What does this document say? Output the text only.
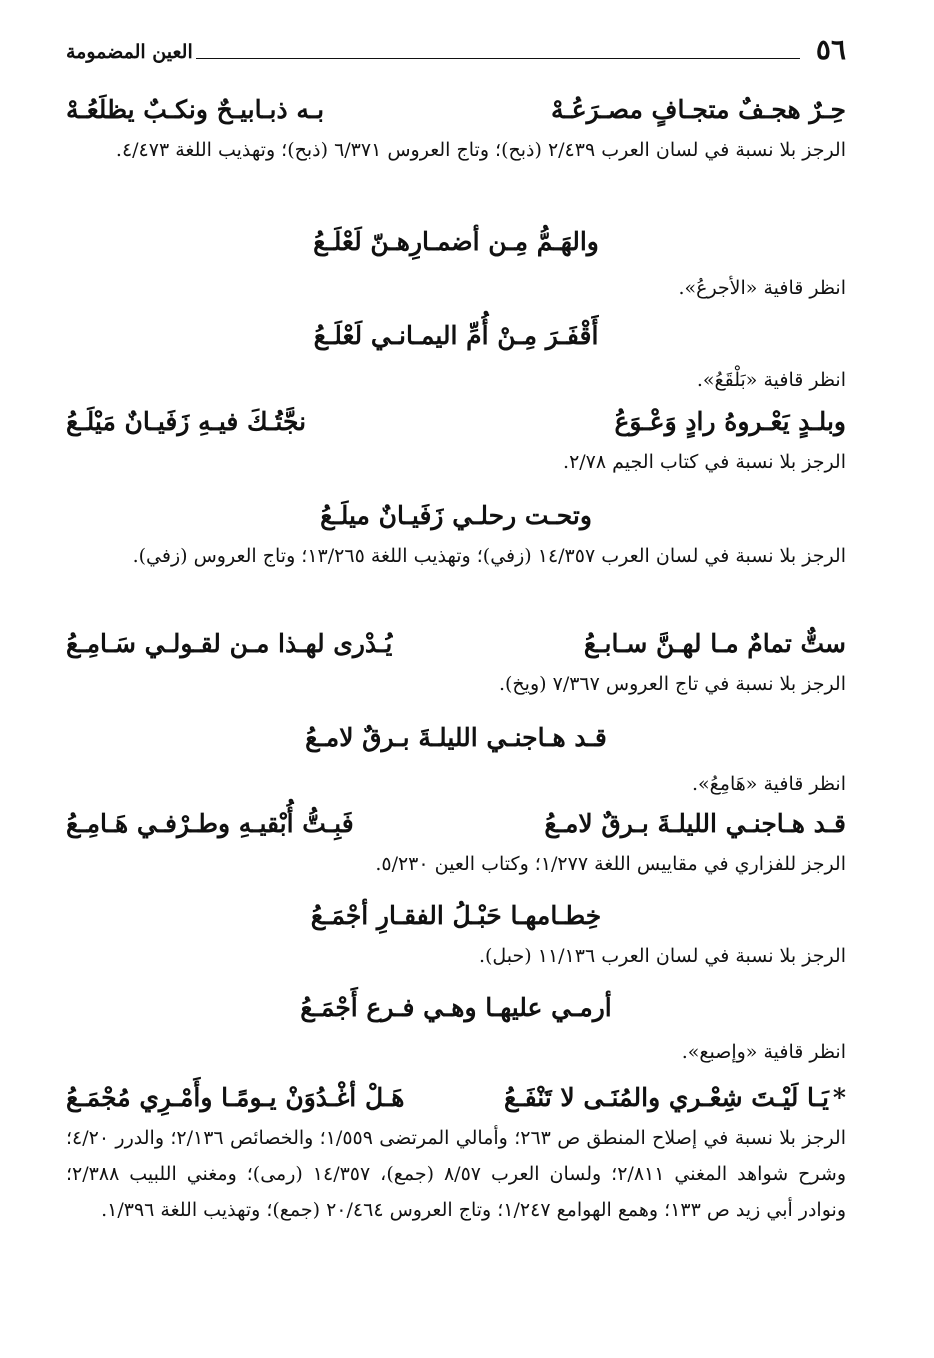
٥٦
العين المضمومة
حِـرٌ هجـفٌ متجـافٍ مصـرَعُـهْ بـه ذبـابيـحٌ ونكـبٌ يظلَعُـهْ
الرجز بلا نسبة في لسان العرب ٢/٤٣٩ (ذبح)؛ وتاج العروس ٦/٣٧١ (ذبح)؛ وتهذيب اللغة ٤/٤٧٣.
والهَـمُّ مِـن أضمـارِهـنّ لَعْلَـعُ
انظر قافية «الأجرعُ».
أَقْفَـرَ مِـنْ أُمِّ اليمـانـي لَعْلَـعُ
انظر قافية «بَلْقَعُ».
وبلـدٍ يَعْـروهُ رادٍ وَعْـوَعُ نجَّتُـكَ فيـهِ زَفَيـانٌ مَيْلَـعُ
الرجز بلا نسبة في كتاب الجيم ٢/٧٨.
وتحـت رحلـي زَفَيـانٌ ميلَـعُ
الرجز بلا نسبة في لسان العرب ١٤/٣٥٧ (زفي)؛ وتهذيب اللغة ١٣/٢٦٥؛ وتاج العروس (زفي).
ستٌّ تمامٌ مـا لهـنَّ سـابـعُ يُـدْرى لهـذا مـن لقـولـي سَـامِـعُ
الرجز بلا نسبة في تاج العروس ٧/٣٦٧ (ويخ).
قـد هـاجنـي الليلـةَ بـرقٌ لامـعُ
انظر قافية «هَامِعُ».
قـد هـاجنـي الليلـةَ بـرقٌ لامـعُ فَبِـتُّ أُبْقيـهِ وطـرْفـي هَـامِـعُ
الرجز للفزاري في مقاييس اللغة ١/٢٧٧؛ وكتاب العين ٥/٢٣٠.
خِطـامهـا حَبْـلُ الفقـارِ أجْمَـعُ
الرجز بلا نسبة في لسان العرب ١١/١٣٦ (حبل).
أرمـي عليهـا وهـي فـرع أَجْمَـعُ
انظر قافية «وإصبع».
*يَـا لَيْـتَ شِعْـري والمُنَـى لا تَنْفَـعُ هَـلْ أغْـدُوَنْ يـومًـا وأَمْـرِي مُجْمَـعُ
الرجز بلا نسبة في إصلاح المنطق ص ٢٦٣؛ وأمالي المرتضى ١/٥٥٩؛ والخصائص ٢/١٣٦؛ والدرر ٤/٢٠؛ وشرح شواهد المغني ٢/٨١١؛ ولسان العرب ٨/٥٧ (جمع)، ١٤/٣٥٧ (رمى)؛ ومغني اللبيب ٢/٣٨٨؛ ونوادر أبي زيد ص ١٣٣؛ وهمع الهوامع ١/٢٤٧؛ وتاج العروس ٢٠/٤٦٤ (جمع)؛ وتهذيب اللغة ١/٣٩٦.
